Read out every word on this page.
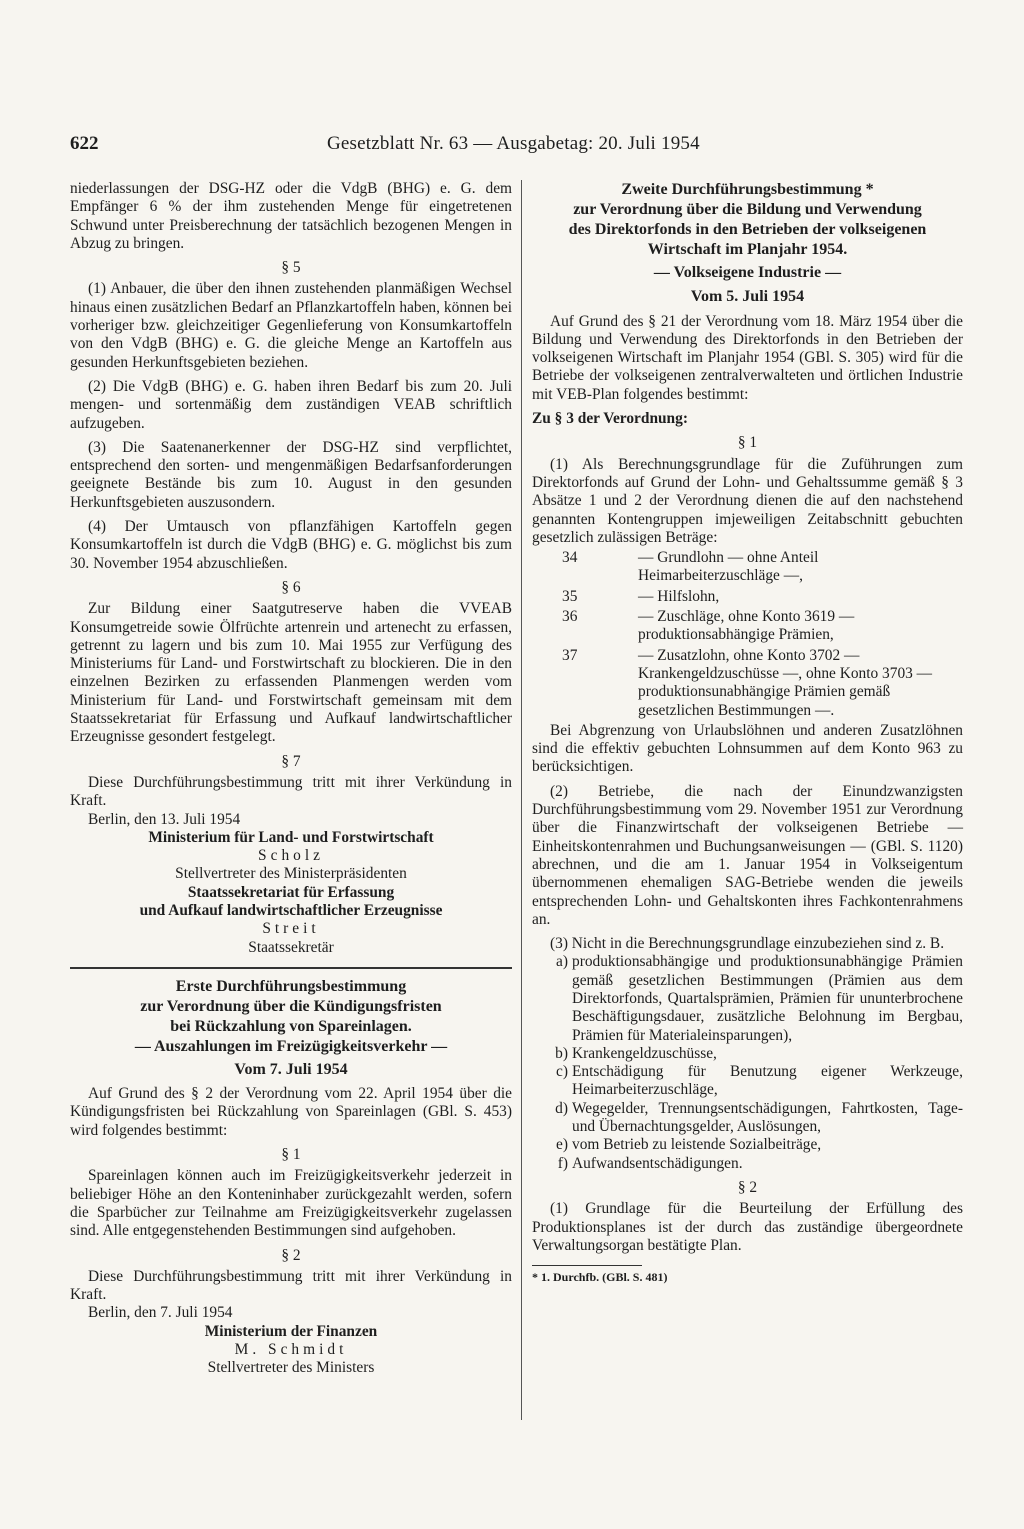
622	Gesetzblatt Nr. 63 — Ausgabetag: 20. Juli 1954

niederlassungen der DSG-HZ oder die VdgB (BHG) e. G. dem Empfänger 6 % der ihm zustehenden Menge für eingetretenen Schwund unter Preisberechnung der tatsächlich bezogenen Mengen in Abzug zu bringen.

§ 5

(1) Anbauer, die über den ihnen zustehenden planmäßigen Wechsel hinaus einen zusätzlichen Bedarf an Pflanzkartoffeln haben, können bei vorheriger bzw. gleichzeitiger Gegenlieferung von Konsumkartoffeln von den VdgB (BHG) e. G. die gleiche Menge an Kartoffeln aus gesunden Herkunftsgebieten beziehen.

(2) Die VdgB (BHG) e. G. haben ihren Bedarf bis zum 20. Juli mengen- und sortenmäßig dem zuständigen VEAB schriftlich aufzugeben.

(3) Die Saatenanerkenner der DSG-HZ sind verpflichtet, entsprechend den sorten- und mengenmäßigen Bedarfsanforderungen geeignete Bestände bis zum 10. August in den gesunden Herkunftsgebieten auszusondern.

(4) Der Umtausch von pflanzfähigen Kartoffeln gegen Konsumkartoffeln ist durch die VdgB (BHG) e. G. möglichst bis zum 30. November 1954 abzuschließen.

§ 6

Zur Bildung einer Saatgutreserve haben die VVEAB Konsumgetreide sowie Ölfrüchte artenrein und artenecht zu erfassen, getrennt zu lagern und bis zum 10. Mai 1955 zur Verfügung des Ministeriums für Land- und Forstwirtschaft zu blockieren. Die in den einzelnen Bezirken zu erfassenden Planmengen werden vom Ministerium für Land- und Forstwirtschaft gemeinsam mit dem Staatssekretariat für Erfassung und Aufkauf landwirtschaftlicher Erzeugnisse gesondert festgelegt.

§ 7

Diese Durchführungsbestimmung tritt mit ihrer Verkündung in Kraft.

Berlin, den 13. Juli 1954

Ministerium für Land- und Forstwirtschaft
Scholz
Stellvertreter des Ministerpräsidenten
Staatssekretariat für Erfassung
und Aufkauf landwirtschaftlicher Erzeugnisse
Streit
Staatssekretär
Erste Durchführungsbestimmung
zur Verordnung über die Kündigungsfristen
bei Rückzahlung von Spareinlagen.
— Auszahlungen im Freizügigkeitsverkehr —
Vom 7. Juli 1954

Auf Grund des § 2 der Verordnung vom 22. April 1954 über die Kündigungsfristen bei Rückzahlung von Spareinlagen (GBl. S. 453) wird folgendes bestimmt:

§ 1

Spareinlagen können auch im Freizügigkeitsverkehr jederzeit in beliebiger Höhe an den Konteninhaber zurückgezahlt werden, sofern die Sparbücher zur Teilnahme am Freizügigkeitsverkehr zugelassen sind. Alle entgegenstehenden Bestimmungen sind aufgehoben.

§ 2

Diese Durchführungsbestimmung tritt mit ihrer Verkündung in Kraft.

Berlin, den 7. Juli 1954

Ministerium der Finanzen
M. Schmidt
Stellvertreter des Ministers
Zweite Durchführungsbestimmung *
zur Verordnung über die Bildung und Verwendung
des Direktorfonds in den Betrieben der volkseigenen
Wirtschaft im Planjahr 1954.
— Volkseigene Industrie —
Vom 5. Juli 1954

Auf Grund des § 21 der Verordnung vom 18. März 1954 über die Bildung und Verwendung des Direktorfonds in den Betrieben der volkseigenen Wirtschaft im Planjahr 1954 (GBl. S. 305) wird für die Betriebe der volkseigenen zentralverwalteten und örtlichen Industrie mit VEB-Plan folgendes bestimmt:

Zu § 3 der Verordnung:
§ 1

(1) Als Berechnungsgrundlage für die Zuführungen zum Direktorfonds auf Grund der Lohn- und Gehaltssumme gemäß § 3 Absätze 1 und 2 der Verordnung dienen die auf den nachstehend genannten Kontengruppen imjeweiligen Zeitabschnitt gebuchten gesetzlich zulässigen Beträge:

34	— Grundlohn — ohne Anteil Heimarbeiterzuschläge —,
35	— Hilfslohn,
36	— Zuschläge, ohne Konto 3619 — produktionsabhängige Prämien,
37	— Zusatzlohn, ohne Konto 3702 — Krankengeldzuschüsse —, ohne Konto 3703 — produktionsunabhängige Prämien gemäß gesetzlichen Bestimmungen —.

Bei Abgrenzung von Urlaubslöhnen und anderen Zusatzlöhnen sind die effektiv gebuchten Lohnsummen auf dem Konto 963 zu berücksichtigen.

(2) Betriebe, die nach der Einundzwanzigsten Durchführungsbestimmung vom 29. November 1951 zur Verordnung über die Finanzwirtschaft der volkseigenen Betriebe — Einheitskontenrahmen und Buchungsanweisungen — (GBl. S. 1120) abrechnen, und die am 1. Januar 1954 in Volkseigentum übernommenen ehemaligen SAG-Betriebe wenden die jeweils entsprechenden Lohn- und Gehaltskonten ihres Fachkontenrahmens an.

(3) Nicht in die Berechnungsgrundlage einzubeziehen sind z. B.

a) produktionsabhängige und produktionsunabhängige Prämien gemäß gesetzlichen Bestimmungen (Prämien aus dem Direktorfonds, Quartalsprämien, Prämien für ununterbrochene Beschäftigungsdauer, zusätzliche Belohnung im Bergbau, Prämien für Materialeinsparungen),
b) Krankengeldzuschüsse,
c) Entschädigung für Benutzung eigener Werkzeuge, Heimarbeiterzuschläge,
d) Wegegelder, Trennungsentschädigungen, Fahrtkosten, Tage- und Übernachtungsgelder, Auslösungen,
e) vom Betrieb zu leistende Sozialbeiträge,
f) Aufwandsentschädigungen.
§ 2

(1) Grundlage für die Beurteilung der Erfüllung des Produktionsplanes ist der durch das zuständige übergeordnete Verwaltungsorgan bestätigte Plan.

* 1. Durchfb. (GBl. S. 481)
